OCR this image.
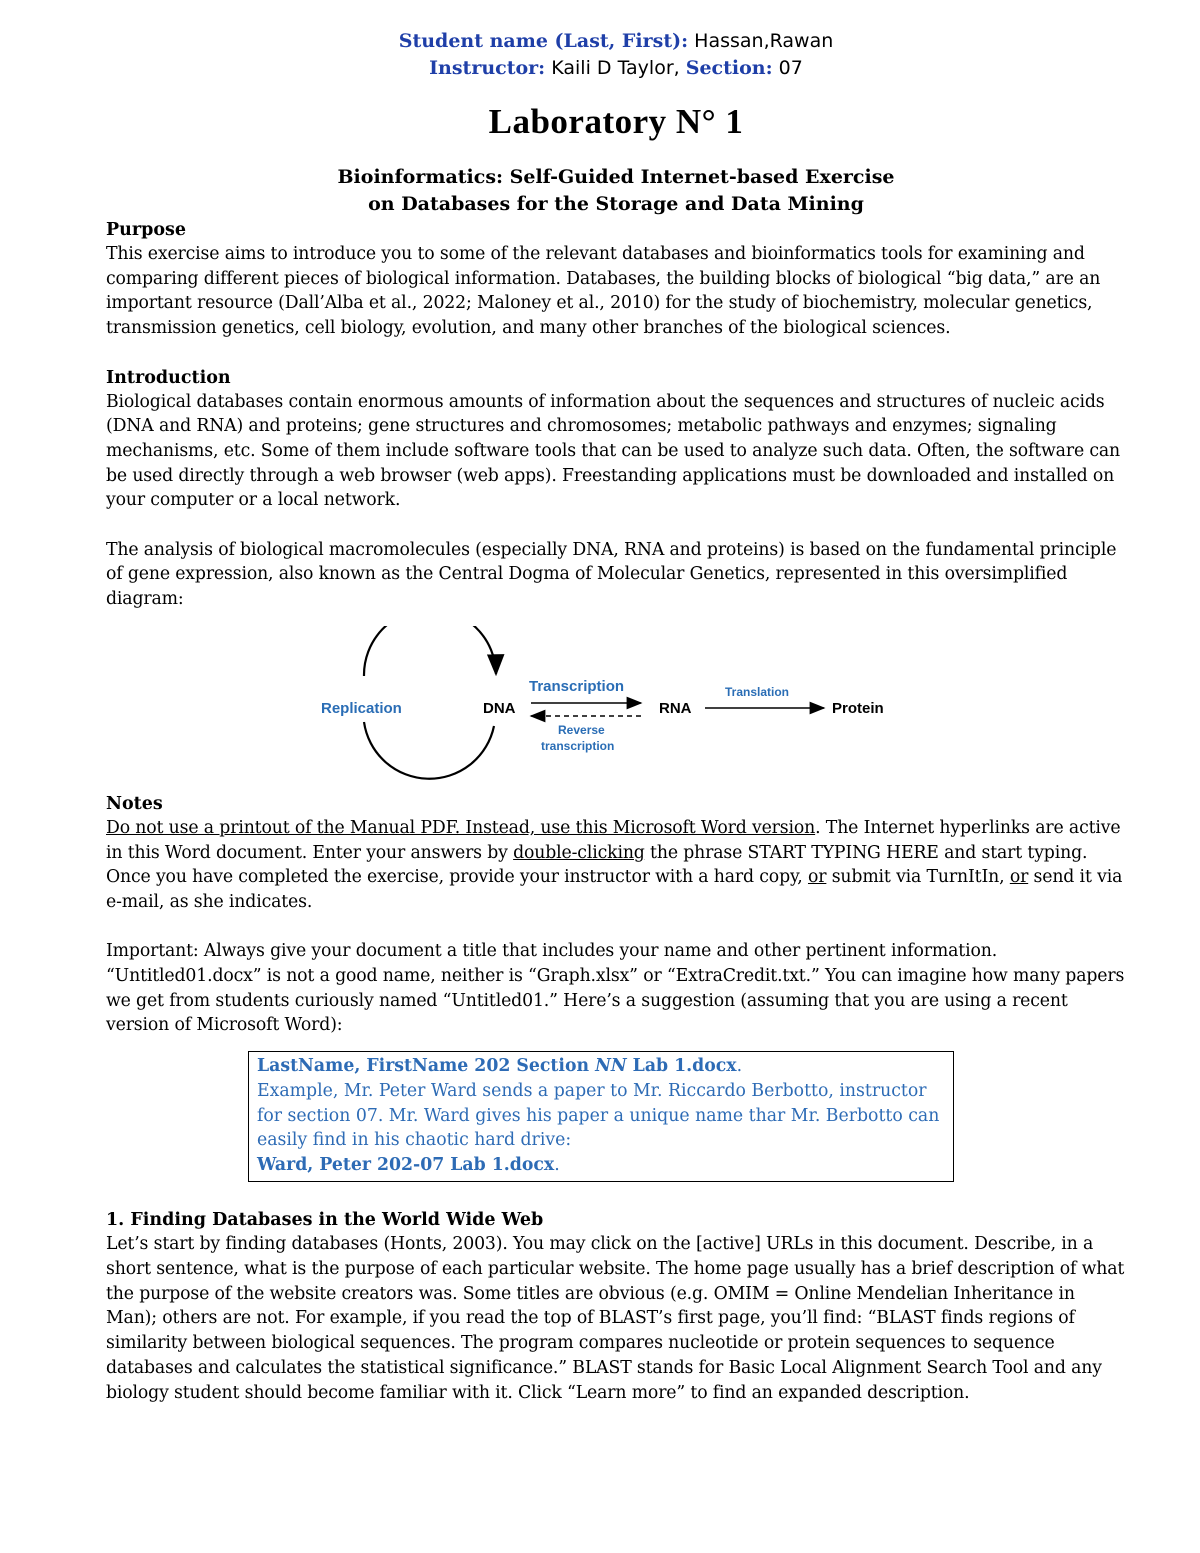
Student name (Last, First): Hassan,Rawan
Instructor: Kaili D Taylor, Section: 07
Laboratory N° 1
Bioinformatics: Self-Guided Internet-based Exercise
on Databases for the Storage and Data Mining
Purpose

This exercise aims to introduce you to some of the relevant databases and bioinformatics tools for examining and comparing different pieces of biological information. Databases, the building blocks of biological “big data,” are an important resource (Dall’Alba et al., 2022; Maloney et al., 2010) for the study of biochemistry, molecular genetics, transmission genetics, cell biology, evolution, and many other branches of the biological sciences.

Introduction

Biological databases contain enormous amounts of information about the sequences and structures of nucleic acids (DNA and RNA) and proteins; gene structures and chromosomes; metabolic pathways and enzymes; signaling mechanisms, etc. Some of them include software tools that can be used to analyze such data. Often, the software can be used directly through a web browser (web apps). Freestanding applications must be downloaded and installed on your computer or a local network.

The analysis of biological macromolecules (especially DNA, RNA and proteins) is based on the fundamental principle of gene expression, also known as the Central Dogma of Molecular Genetics, represented in this oversimplified diagram:

Replication	DNA
Transcription
Reverse
transcription
RNA
Translation
Protein
Notes

Do not use a printout of the Manual PDF. Instead, use this Microsoft Word version. The Internet hyperlinks are active in this Word document. Enter your answers by double-clicking the phrase START TYPING HERE and start typing. Once you have completed the exercise, provide your instructor with a hard copy, or submit via TurnItIn, or send it via e-mail, as she indicates.

Important: Always give your document a title that includes your name and other pertinent information. “Untitled01.docx” is not a good name, neither is “Graph.xlsx” or “ExtraCredit.txt.” You can imagine how many papers we get from students curiously named “Untitled01.” Here’s a suggestion (assuming that you are using a recent version of Microsoft Word):

LastName, FirstName 202 Section NN Lab 1.docx.
Example, Mr. Peter Ward sends a paper to Mr. Riccardo Berbotto, instructor for section 07. Mr. Ward gives his paper a unique name thar Mr. Berbotto can easily find in his chaotic hard drive:
Ward, Peter 202-07 Lab 1.docx.
1. Finding Databases in the World Wide Web

Let’s start by finding databases (Honts, 2003). You may click on the [active] URLs in this document. Describe, in a short sentence, what is the purpose of each particular website. The home page usually has a brief description of what the purpose of the website creators was. Some titles are obvious (e.g. OMIM = Online Mendelian Inheritance in Man); others are not. For example, if you read the top of BLAST’s first page, you’ll find: “BLAST finds regions of similarity between biological sequences. The program compares nucleotide or protein sequences to sequence databases and calculates the statistical significance.” BLAST stands for Basic Local Alignment Search Tool and any biology student should become familiar with it. Click “Learn more” to find an expanded description.
